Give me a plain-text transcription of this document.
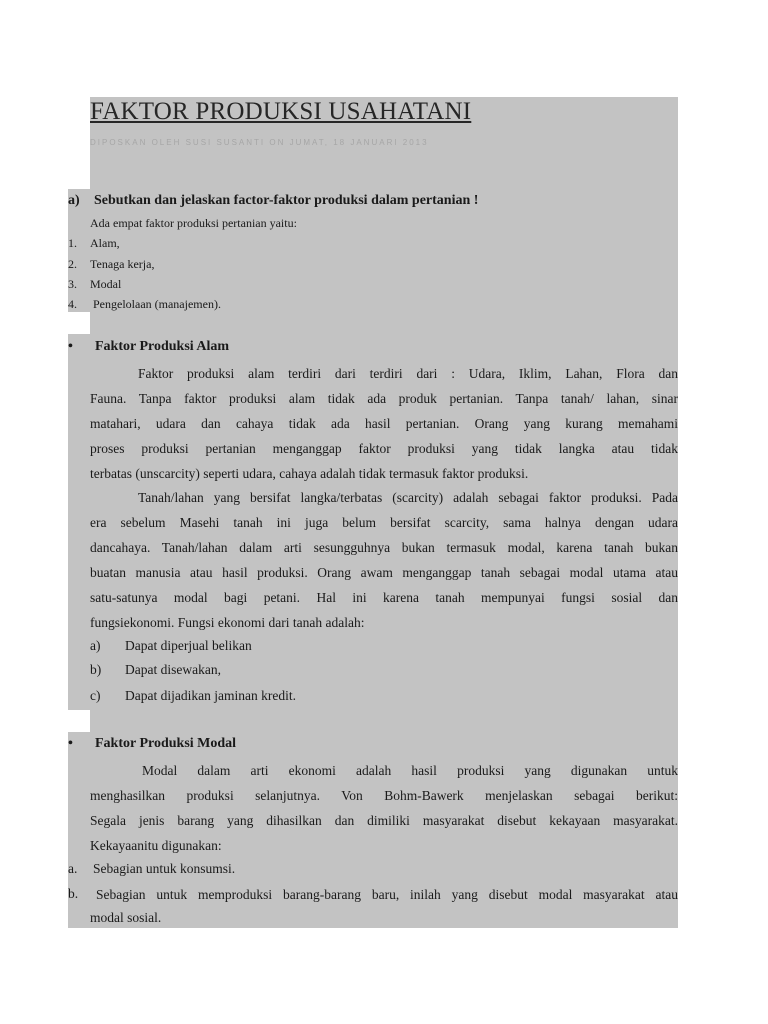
FAKTOR PRODUKSI USAHATANI
DIPOSKAN OLEH SUSI SUSANTI ON JUMAT, 18 JANUARI 2013
a) Sebutkan dan jelaskan factor-faktor produksi dalam pertanian !
Ada empat faktor produksi pertanian yaitu:
1. Alam,
2. Tenaga kerja,
3. Modal
4. Pengelolaan (manajemen).
• Faktor Produksi Alam
Faktor produksi alam terdiri dari terdiri dari : Udara, Iklim, Lahan, Flora dan
Fauna. Tanpa faktor produksi alam tidak ada produk pertanian. Tanpa tanah/ lahan, sinar
matahari, udara dan cahaya tidak ada hasil pertanian. Orang yang kurang memahami
proses produksi pertanian menganggap faktor produksi yang tidak langka atau tidak
terbatas (unscarcity) seperti udara, cahaya adalah tidak termasuk faktor produksi.
Tanah/lahan yang bersifat langka/terbatas (scarcity) adalah sebagai faktor produksi. Pada
era sebelum Masehi tanah ini juga belum bersifat scarcity, sama halnya dengan udara
dancahaya. Tanah/lahan dalam arti sesungguhnya bukan termasuk modal, karena tanah bukan
buatan manusia atau hasil produksi. Orang awam menganggap tanah sebagai modal utama atau
satu-satunya modal bagi petani. Hal ini karena tanah mempunyai fungsi sosial dan
fungsiekonomi. Fungsi ekonomi dari tanah adalah:
a) Dapat diperjual belikan
b) Dapat disewakan,
c) Dapat dijadikan jaminan kredit.
• Faktor Produksi Modal
Modal dalam arti ekonomi adalah hasil produksi yang digunakan untuk
menghasilkan produksi selanjutnya. Von Bohm-Bawerk menjelaskan sebagai berikut:
Segala jenis barang yang dihasilkan dan dimiliki masyarakat disebut kekayaan masyarakat.
Kekayaanitu digunakan:
a. Sebagian untuk konsumsi.
b. Sebagian untuk memproduksi barang-barang baru, inilah yang disebut modal masyarakat atau
modal sosial.
